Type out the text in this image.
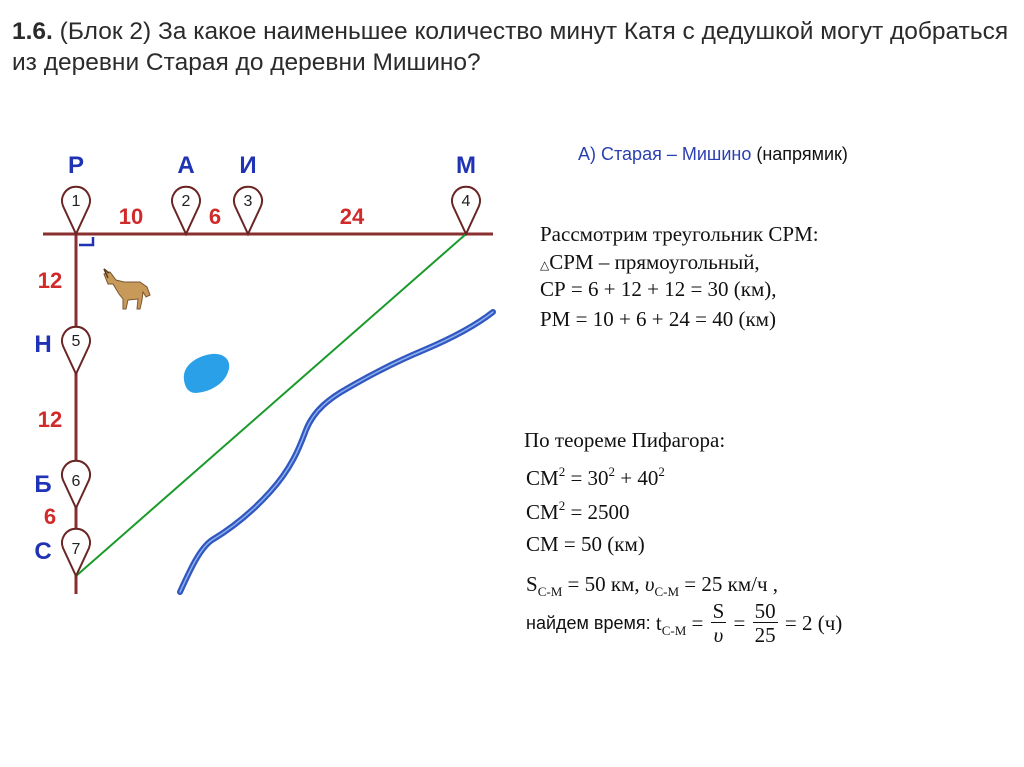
1.6. (Блок 2) За какое наименьшее количество минут Катя с дедушкой могут добраться из деревни Старая до деревни Мишино?
1	2	3	4
5
6
7
Р	А И	М
Н
Б
С
10	6	24
12
12
6
А) Старая – Мишино (напрямик)
Рассмотрим треугольник СРМ:
△СРМ – прямоугольный,
СР = 6 + 12 + 12 = 30 (км),
РМ = 10 + 6 + 24 = 40 (км)
По теореме Пифагора:
$СМ^2 = 30^2 + 40^2$
$СМ^2 = 2500$
СМ = 50 (км)
$S_{С-М} = 50$ км, $\upsilon_{С-М} = 25$ км/ч ,
найдем время: $t_{С-М} = \frac{S}{\upsilon} = \frac{50}{25} = 2$ (ч)
